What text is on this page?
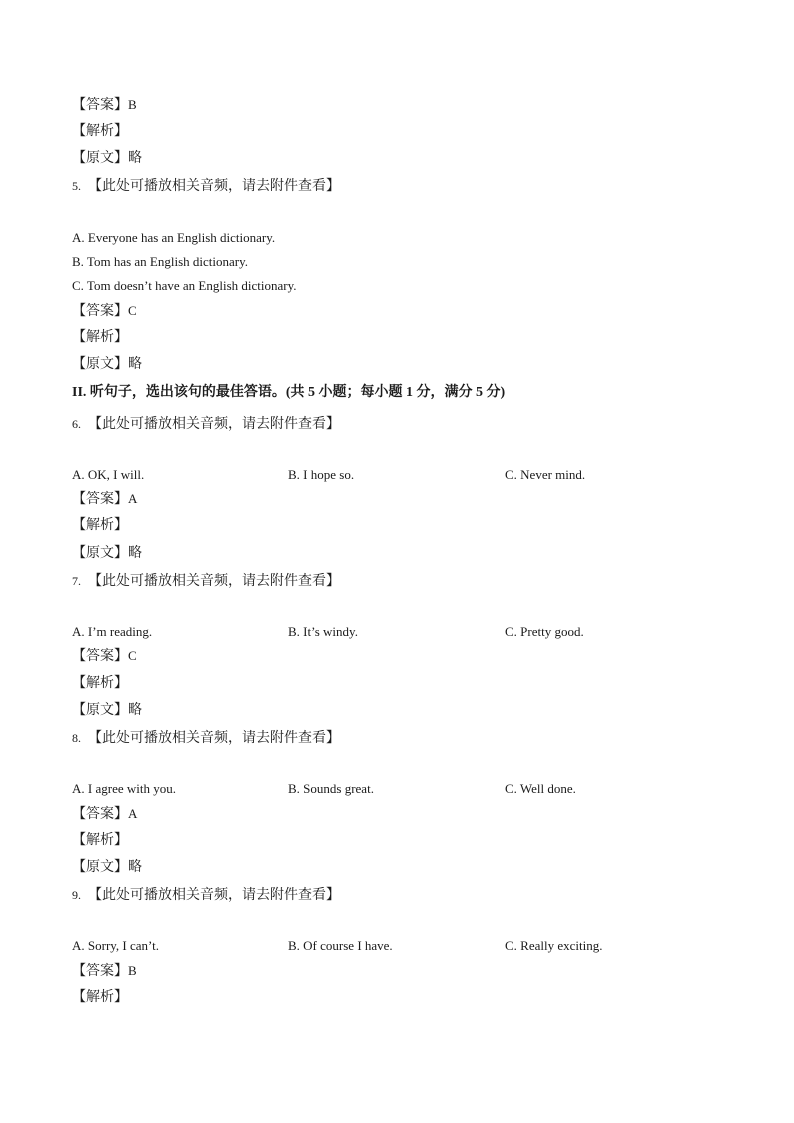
【答案】B
【解析】
【原文】略
5. 【此处可播放相关音频，请去附件查看】
A. Everyone has an English dictionary.
B. Tom has an English dictionary.
C. Tom doesn’t have an English dictionary.
【答案】C
【解析】
【原文】略
II. 听句子，选出该句的最佳答语。(共 5 小题；每小题 1 分，满分 5 分)
6. 【此处可播放相关音频，请去附件查看】
A. OK, I will.	B. I hope so.	C. Never mind.
【答案】A
【解析】
【原文】略
7. 【此处可播放相关音频，请去附件查看】
A. I’m reading.	B. It’s windy.	C. Pretty good.
【答案】C
【解析】
【原文】略
8. 【此处可播放相关音频，请去附件查看】
A. I agree with you.	B. Sounds great.	C. Well done.
【答案】A
【解析】
【原文】略
9. 【此处可播放相关音频，请去附件查看】
A. Sorry, I can’t.	B. Of course I have.	C. Really exciting.
【答案】B
【解析】
